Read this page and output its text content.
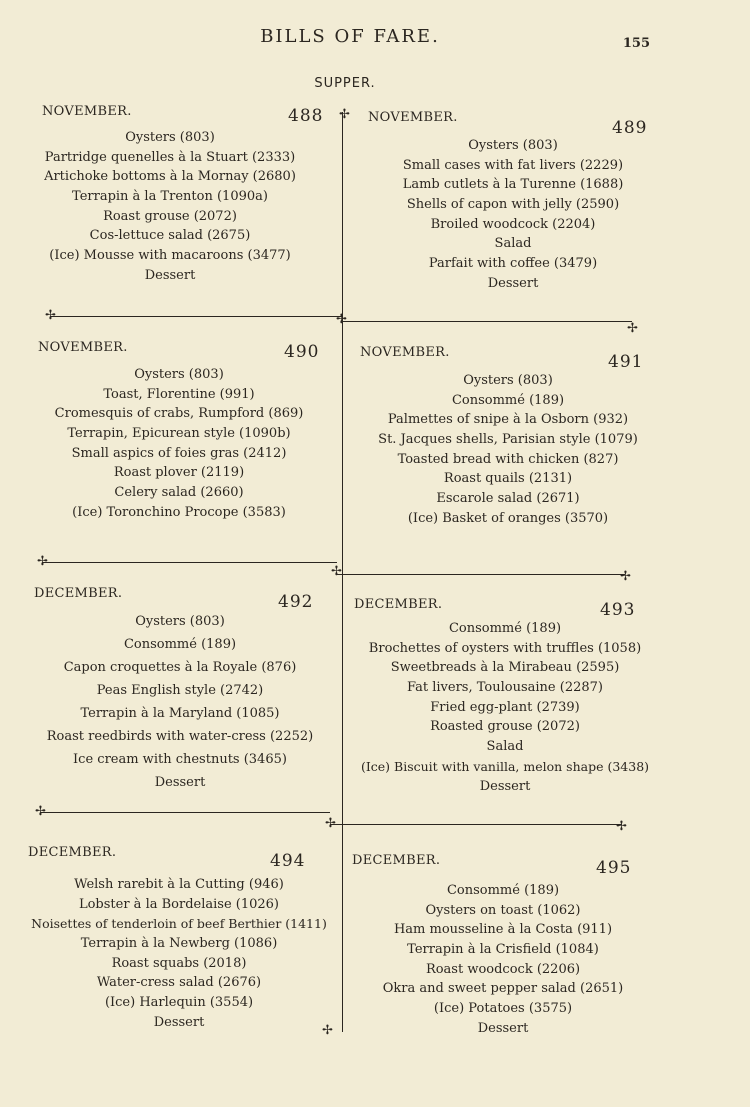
BILLS OF FARE.	155
SUPPER.
✢
✢	✢
✢
✢
✢	✢
✢
✢	✢
✢
NOVEMBER.	488
Oysters (803)
Partridge quenelles à la Stuart (2333)
Artichoke bottoms à la Mornay (2680)
Terrapin à la Trenton (1090a)
Roast grouse (2072)
Cos-lettuce salad (2675)
(Ice) Mousse with macaroons (3477)
Dessert
NOVEMBER.
489
Oysters (803)
Small cases with fat livers (2229)
Lamb cutlets à la Turenne (1688)
Shells of capon with jelly (2590)
Broiled woodcock (2204)
Salad
Parfait with coffee (3479)
Dessert
NOVEMBER.	490
Oysters (803)
Toast, Florentine (991)
Cromesquis of crabs, Rumpford (869)
Terrapin, Epicurean style (1090b)
Small aspics of foies gras (2412)
Roast plover (2119)
Celery salad (2660)
(Ice) Toronchino Procope (3583)
NOVEMBER.	491
Oysters (803)
Consommé (189)
Palmettes of snipe à la Osborn (932)
St. Jacques shells, Parisian style (1079)
Toasted bread with chicken (827)
Roast quails (2131)
Escarole salad (2671)
(Ice) Basket of oranges (3570)
DECEMBER.	492
Oysters (803)
Consommé (189)
Capon croquettes à la Royale (876)
Peas English style (2742)
Terrapin à la Maryland (1085)
Roast reedbirds with water-cress (2252)
Ice cream with chestnuts (3465)
Dessert
DECEMBER.	493
Consommé (189)
Brochettes of oysters with truffles (1058)
Sweetbreads à la Mirabeau (2595)
Fat livers, Toulousaine (2287)
Fried egg-plant (2739)
Roasted grouse (2072)
Salad
(Ice) Biscuit with vanilla, melon shape (3438)
Dessert
DECEMBER.	494
Welsh rarebit à la Cutting (946)
Lobster à la Bordelaise (1026)
Noisettes of tenderloin of beef Berthier (1411)
Terrapin à la Newberg (1086)
Roast squabs (2018)
Water-cress salad (2676)
(Ice) Harlequin (3554)
Dessert
DECEMBER.	495
Consommé (189)
Oysters on toast (1062)
Ham mousseline à la Costa (911)
Terrapin à la Crisfield (1084)
Roast woodcock (2206)
Okra and sweet pepper salad (2651)
(Ice) Potatoes (3575)
Dessert
